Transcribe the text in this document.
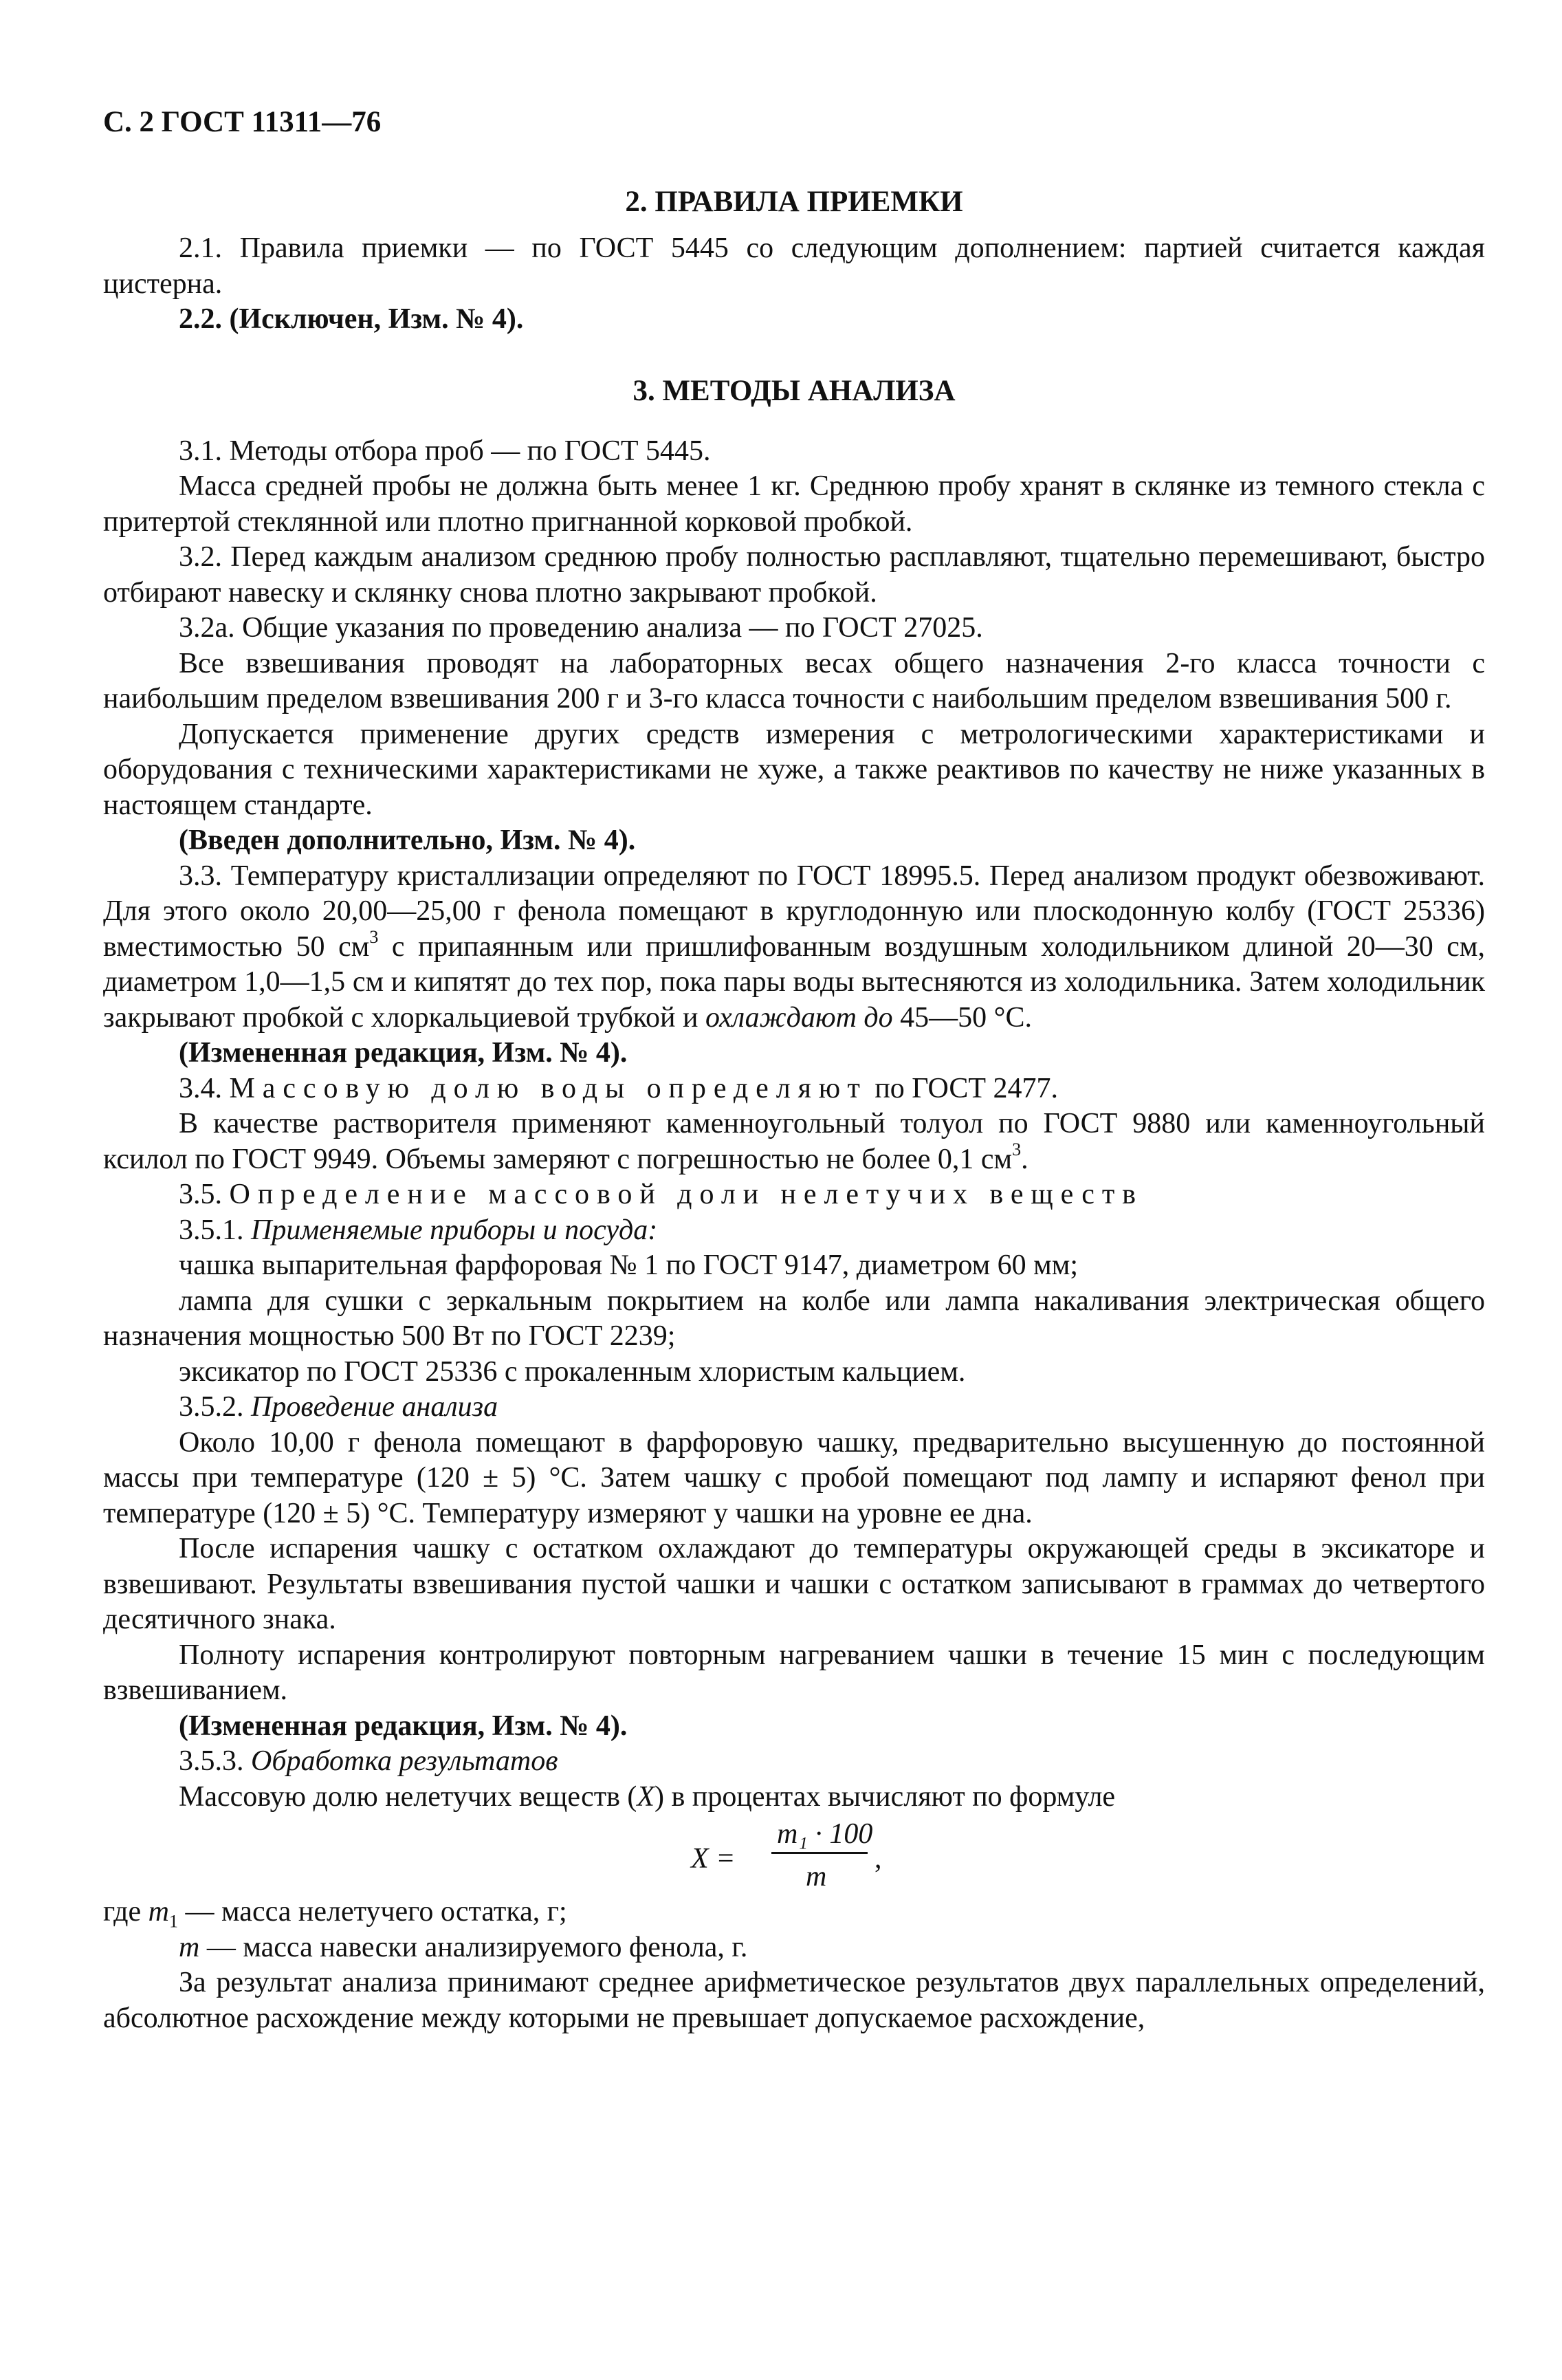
С. 2 ГОСТ 11311—76

2. ПРАВИЛА ПРИЕМКИ

2.1. Правила приемки — по ГОСТ 5445 со следующим дополнением: партией считается каждая цистерна.

2.2. (Исключен, Изм. № 4).

3. МЕТОДЫ АНАЛИЗА

3.1. Методы отбора проб — по ГОСТ 5445.

Масса средней пробы не должна быть менее 1 кг. Среднюю пробу хранят в склянке из темного стекла с притертой стеклянной или плотно пригнанной корковой пробкой.

3.2. Перед каждым анализом среднюю пробу полностью расплавляют, тщательно перемешивают, быстро отбирают навеску и склянку снова плотно закрывают пробкой.

3.2а. Общие указания по проведению анализа — по ГОСТ 27025.

Все взвешивания проводят на лабораторных весах общего назначения 2-го класса точности с наибольшим пределом взвешивания 200 г и 3-го класса точности с наибольшим пределом взвешивания 500 г.

Допускается применение других средств измерения с метрологическими характеристиками и оборудования с техническими характеристиками не хуже, а также реактивов по качеству не ниже указанных в настоящем стандарте.

(Введен дополнительно, Изм. № 4).

3.3. Температуру кристаллизации определяют по ГОСТ 18995.5. Перед анализом продукт обезвоживают. Для этого около 20,00—25,00 г фенола помещают в круглодонную или плоскодонную колбу (ГОСТ 25336) вместимостью 50 $см^3$ с припаянным или пришлифованным воздушным холодильником длиной 20—30 см, диаметром 1,0—1,5 см и кипятят до тех пор, пока пары воды вытесняются из холодильника. Затем холодильник закрывают пробкой с хлоркальциевой трубкой и охлаждают до 45—50 °С.

(Измененная редакция, Изм. № 4).

3.4. Массовую долю воды определяют по ГОСТ 2477.

В качестве растворителя применяют каменноугольный толуол по ГОСТ 9880 или каменноугольный ксилол по ГОСТ 9949. Объемы замеряют с погрешностью не более 0,1 $см^3$.

3.5. Определение массовой доли нелетучих веществ

3.5.1. Применяемые приборы и посуда:

чашка выпарительная фарфоровая № 1 по ГОСТ 9147, диаметром 60 мм;

лампа для сушки с зеркальным покрытием на колбе или лампа накаливания электрическая общего назначения мощностью 500 Вт по ГОСТ 2239;

эксикатор по ГОСТ 25336 с прокаленным хлористым кальцием.

3.5.2. Проведение анализа

Около 10,00 г фенола помещают в фарфоровую чашку, предварительно высушенную до постоянной массы при температуре (120 ± 5) °С. Затем чашку с пробой помещают под лампу и испаряют фенол при температуре (120 ± 5) °С. Температуру измеряют у чашки на уровне ее дна.

После испарения чашку с остатком охлаждают до температуры окружающей среды в эксикаторе и взвешивают. Результаты взвешивания пустой чашки и чашки с остатком записывают в граммах до четвертого десятичного знака.

Полноту испарения контролируют повторным нагреванием чашки в течение 15 мин с последующим взвешиванием.

(Измененная редакция, Изм. № 4).

3.5.3. Обработка результатов

Массовую долю нелетучих веществ (X) в процентах вычисляют по формуле

X =
m₁ · 100
m
,

где $m_1$ — масса нелетучего остатка, г;

m — масса навески анализируемого фенола, г.

За результат анализа принимают среднее арифметическое результатов двух параллельных определений, абсолютное расхождение между которыми не превышает допускаемое расхождение,
